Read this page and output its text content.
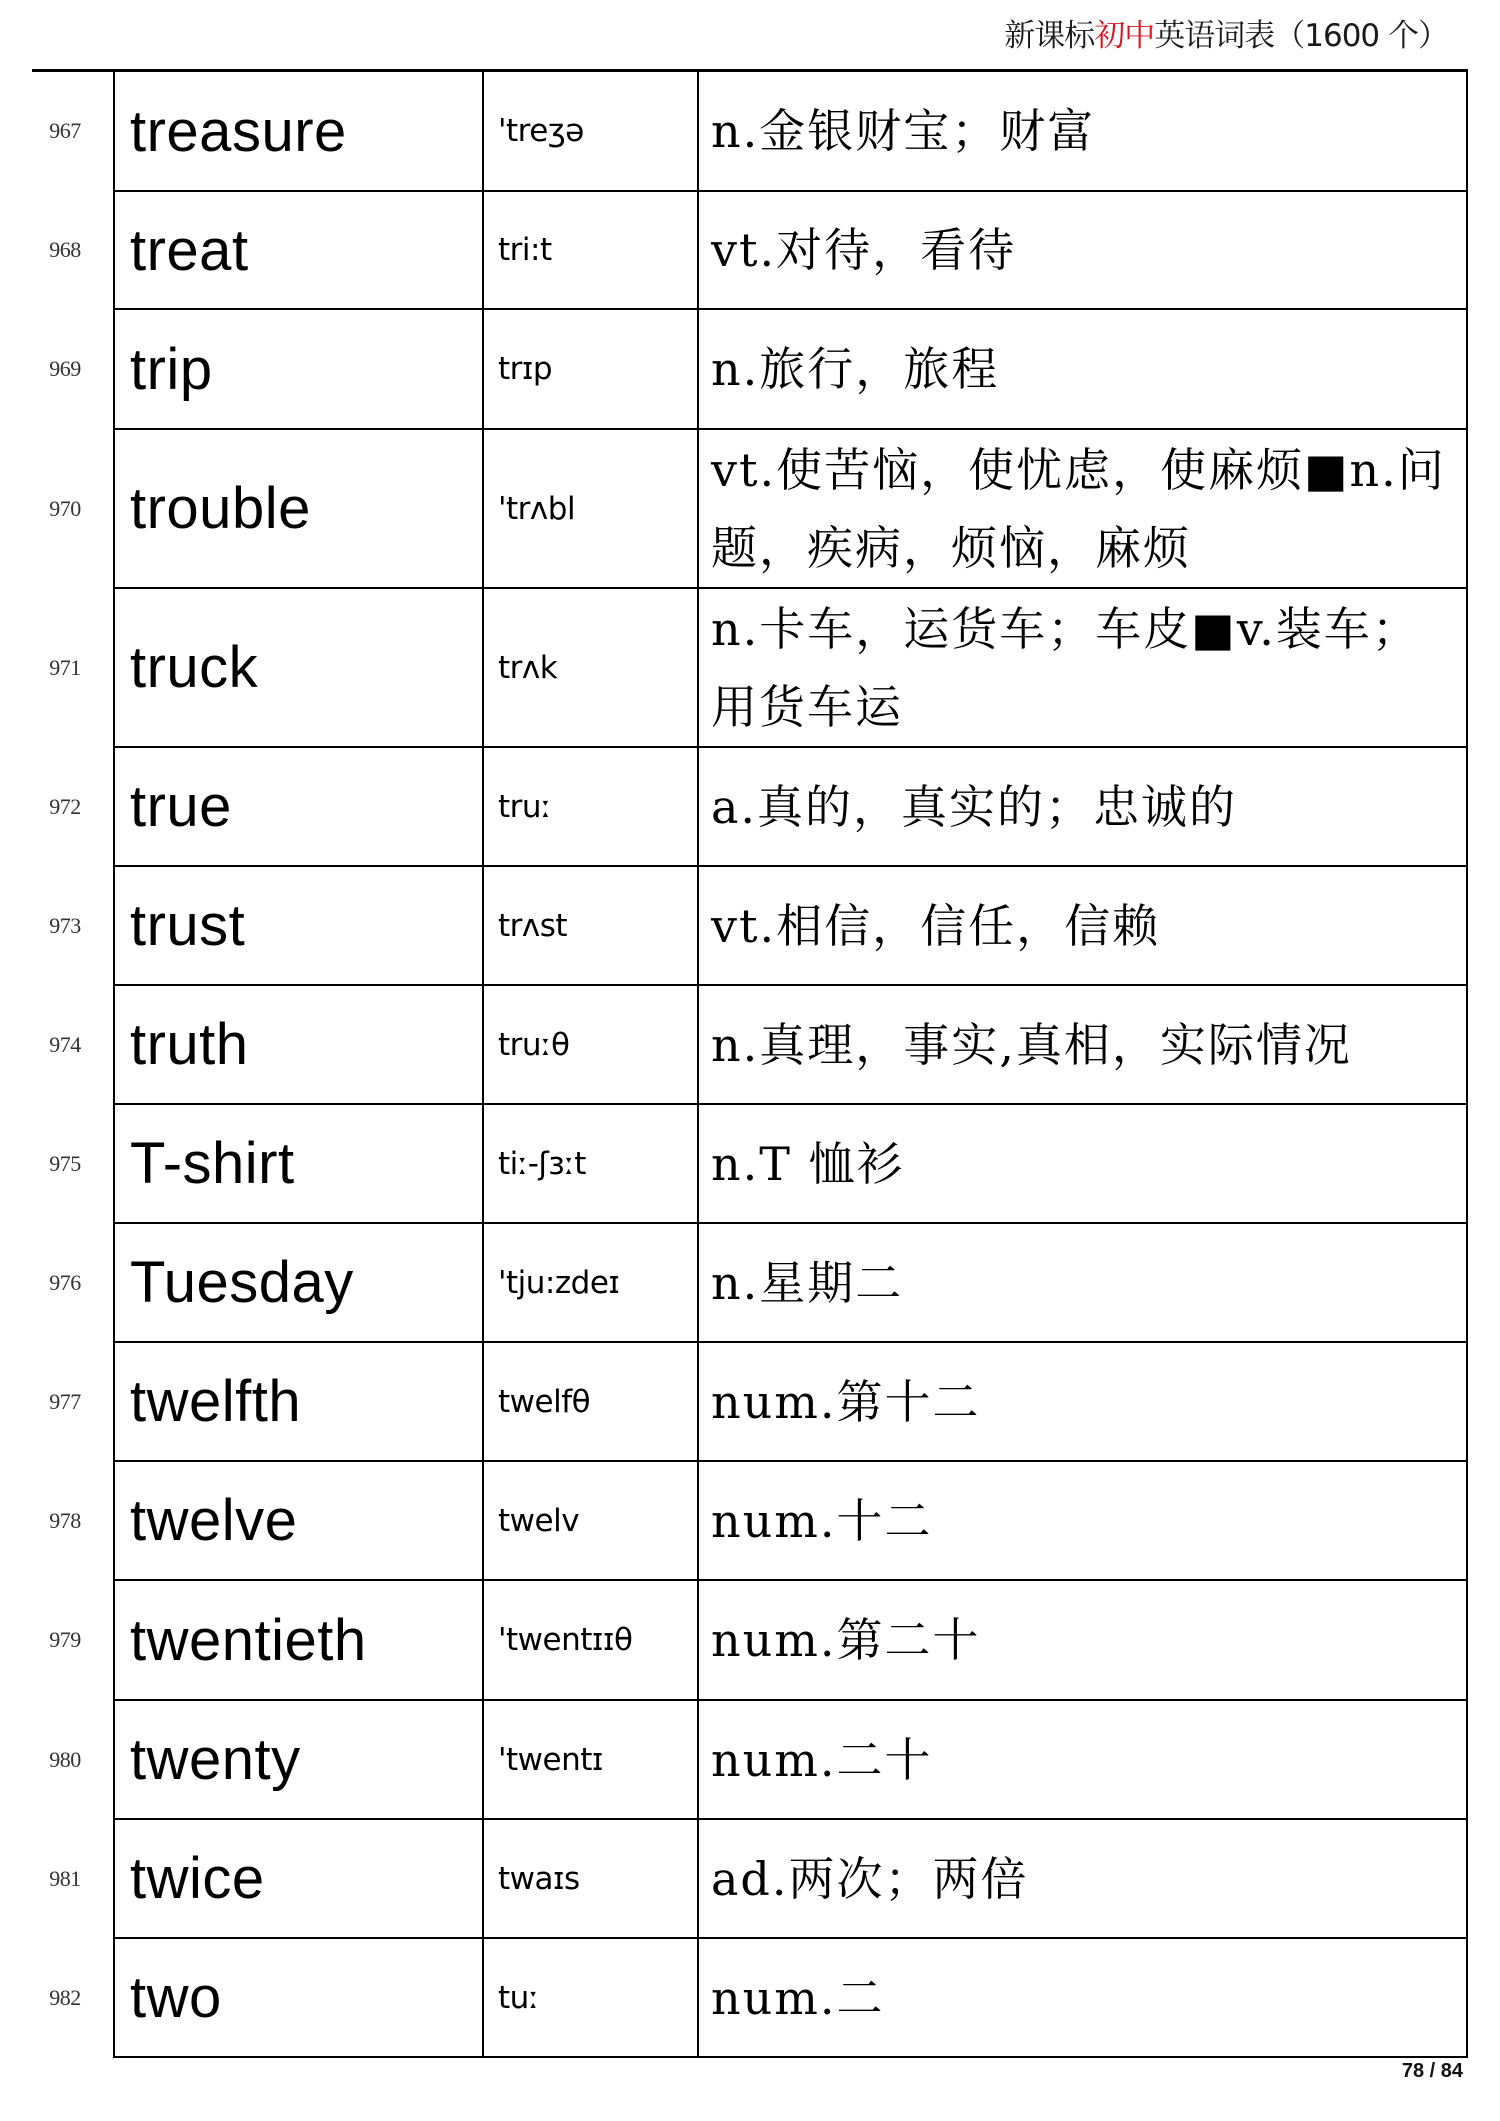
新课标初中英语词表（1600 个）
967 treasure	'treʒə	n.金银财宝；财富

968 treat	tri:t	vt.对待，看待

969 trip	trɪp	n.旅行，旅程

970 trouble	'trʌbl	vt.使苦恼，使忧虑，使麻烦■n.问题，疾病，烦恼，麻烦

971 truck	trʌk	n.卡车，运货车；车皮■v.装车；用货车运

972 true	truː	a.真的，真实的；忠诚的

973 trust	trʌst	vt.相信，信任，信赖

974 truth	truːθ	n.真理，事实,真相，实际情况

975 T-shirt	tiː-ʃɜːt	n.T 恤衫

976 Tuesday	'tju:zdeɪ	n.星期二

977 twelfth	twelfθ	num.第十二

978 twelve	twelv	num.十二

979 twentieth	'twentɪɪθ	num.第二十

980 twenty	'twentɪ	num.二十

981 twice	twaɪs	ad.两次；两倍

982 two	tuː	num.二
78 / 84
